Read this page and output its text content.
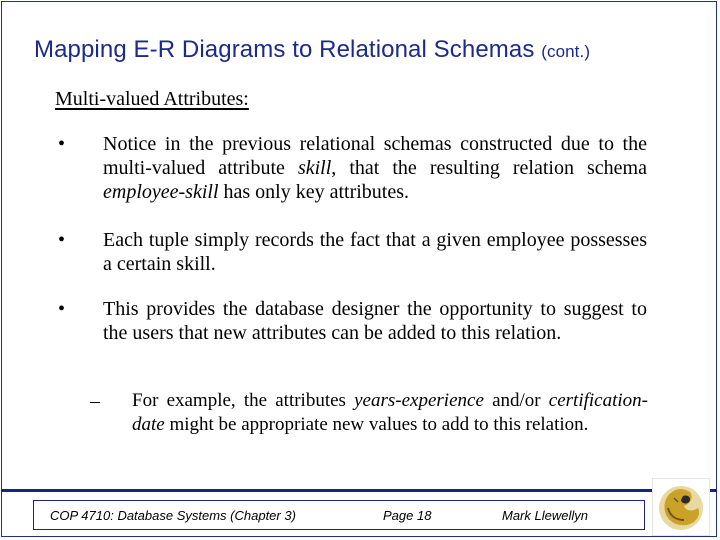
Mapping E-R Diagrams to Relational Schemas (cont.)
Multi-valued Attributes:
• Notice in the previous relational schemas constructed due to the multi-valued attribute skill, that the resulting relation schema employee-skill has only key attributes.
• Each tuple simply records the fact that a given employee possesses a certain skill.
• This provides the database designer the opportunity to suggest to the users that new attributes can be added to this relation.
– For example, the attributes years-experience and/or certification-date might be appropriate new values to add to this relation.
COP 4710: Database Systems (Chapter 3)	Page 18	Mark Llewellyn
